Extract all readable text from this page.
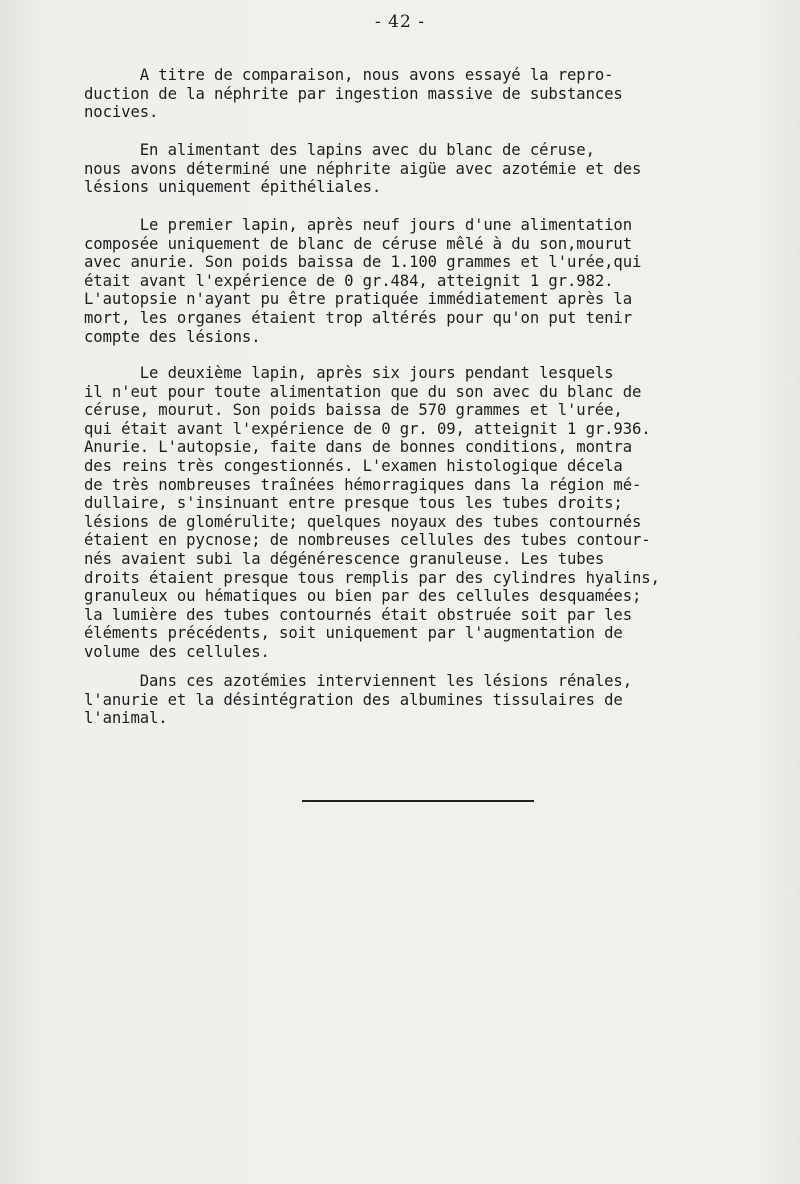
- 42 -
A titre de comparaison, nous avons essayé la repro-
duction de la néphrite par ingestion massive de substances
nocives.
En alimentant des lapins avec du blanc de céruse,
nous avons déterminé une néphrite aigüe avec azotémie et des
lésions uniquement épithéliales.
Le premier lapin, après neuf jours d'une alimentation
composée uniquement de blanc de céruse mêlé à du son,mourut
avec anurie. Son poids baissa de 1.100 grammes et l'urée,qui
était avant l'expérience de 0 gr.484, atteignit 1 gr.982.
L'autopsie n'ayant pu être pratiquée immédiatement après la
mort, les organes étaient trop altérés pour qu'on put tenir
compte des lésions.
Le deuxième lapin, après six jours pendant lesquels
il n'eut pour toute alimentation que du son avec du blanc de
céruse, mourut. Son poids baissa de 570 grammes et l'urée,
qui était avant l'expérience de 0 gr. 09, atteignit 1 gr.936.
Anurie. L'autopsie, faite dans de bonnes conditions, montra
des reins très congestionnés. L'examen histologique décela
de très nombreuses traînées hémorragiques dans la région mé-
dullaire, s'insinuant entre presque tous les tubes droits;
lésions de glomérulite; quelques noyaux des tubes contournés
étaient en pycnose; de nombreuses cellules des tubes contour-
nés avaient subi la dégénérescence granuleuse. Les tubes
droits étaient presque tous remplis par des cylindres hyalins,
granuleux ou hématiques ou bien par des cellules desquamées;
la lumière des tubes contournés était obstruée soit par les
éléments précédents, soit uniquement par l'augmentation de
volume des cellules.
Dans ces azotémies interviennent les lésions rénales,
l'anurie et la désintégration des albumines tissulaires de
l'animal.
